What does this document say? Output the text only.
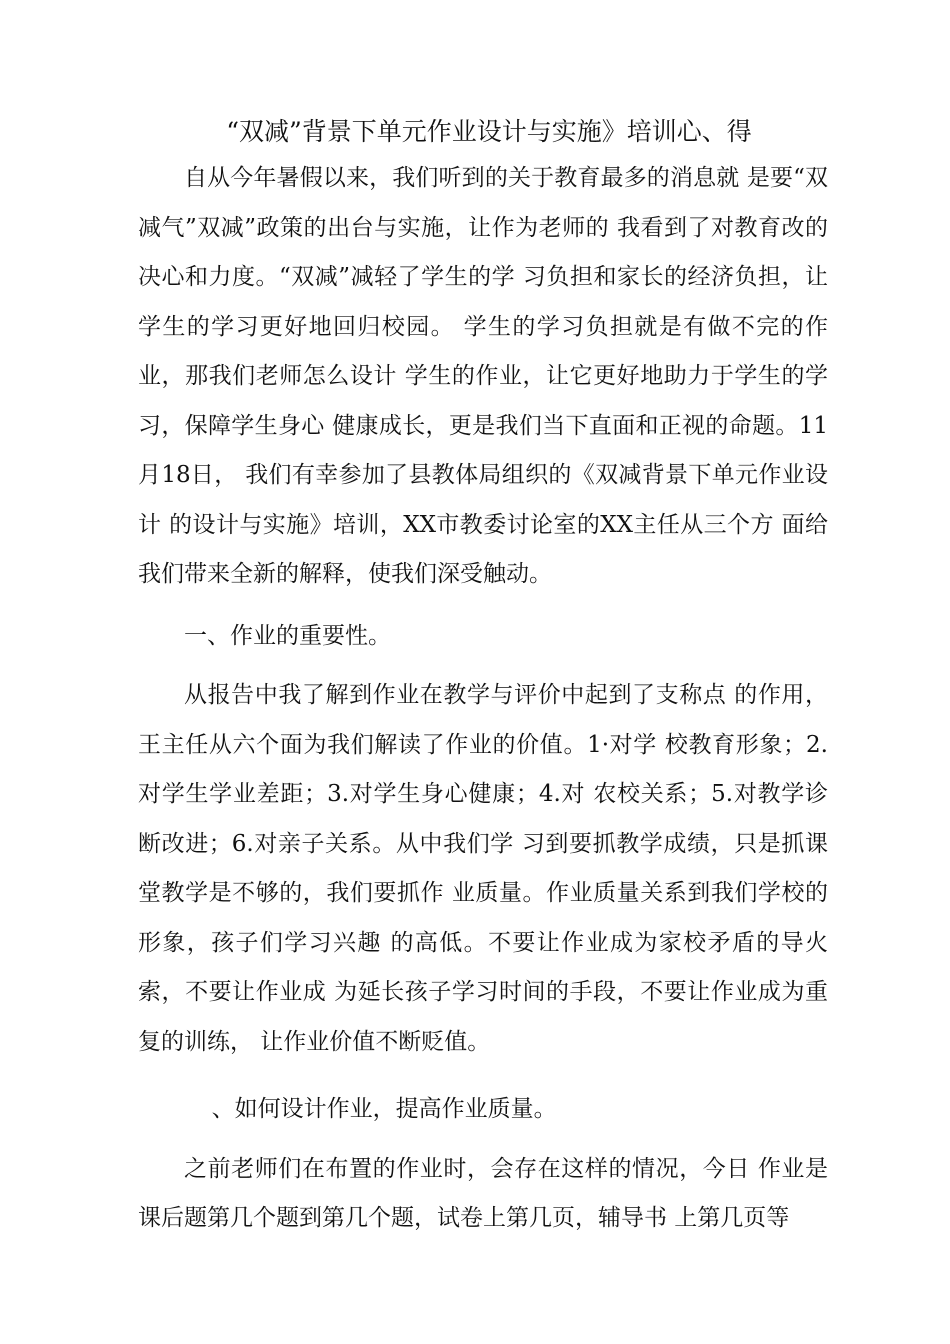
“双减”背景下单元作业设计与实施》培训心、得

自从今年暑假以来，我们听到的关于教育最多的消息就 是要“双减气”双减”政策的出台与实施，让作为老师的 我看到了对教育改的决心和力度。“双减”减轻了学生的学 习负担和家长的经济负担，让学生的学习更好地回归校园。 学生的学习负担就是有做不完的作业，那我们老师怎么设计 学生的作业，让它更好地助力于学生的学习，保障学生身心 健康成长，更是我们当下直面和正视的命题。11月18日， 我们有幸参加了县教体局组织的《双减背景下单元作业设计 的设计与实施》培训，XX市教委讨论室的XX主任从三个方 面给我们带来全新的解释，使我们深受触动。

一、作业的重要性。

从报告中我了解到作业在教学与评价中起到了支称点 的作用，王主任从六个面为我们解读了作业的价值。1·对学 校教育形象；2.对学生学业差距；3.对学生身心健康；4.对 农校关系；5.对教学诊断改进；6.对亲子关系。从中我们学 习到要抓教学成绩，只是抓课堂教学是不够的，我们要抓作 业质量。作业质量关系到我们学校的形象，孩子们学习兴趣 的高低。不要让作业成为家校矛盾的导火索，不要让作业成 为延长孩子学习时间的手段，不要让作业成为重复的训练， 让作业价值不断贬值。

、如何设计作业，提高作业质量。

之前老师们在布置的作业时，会存在这样的情况，今日 作业是课后题第几个题到第几个题，试卷上第几页，辅导书 上第几页等
